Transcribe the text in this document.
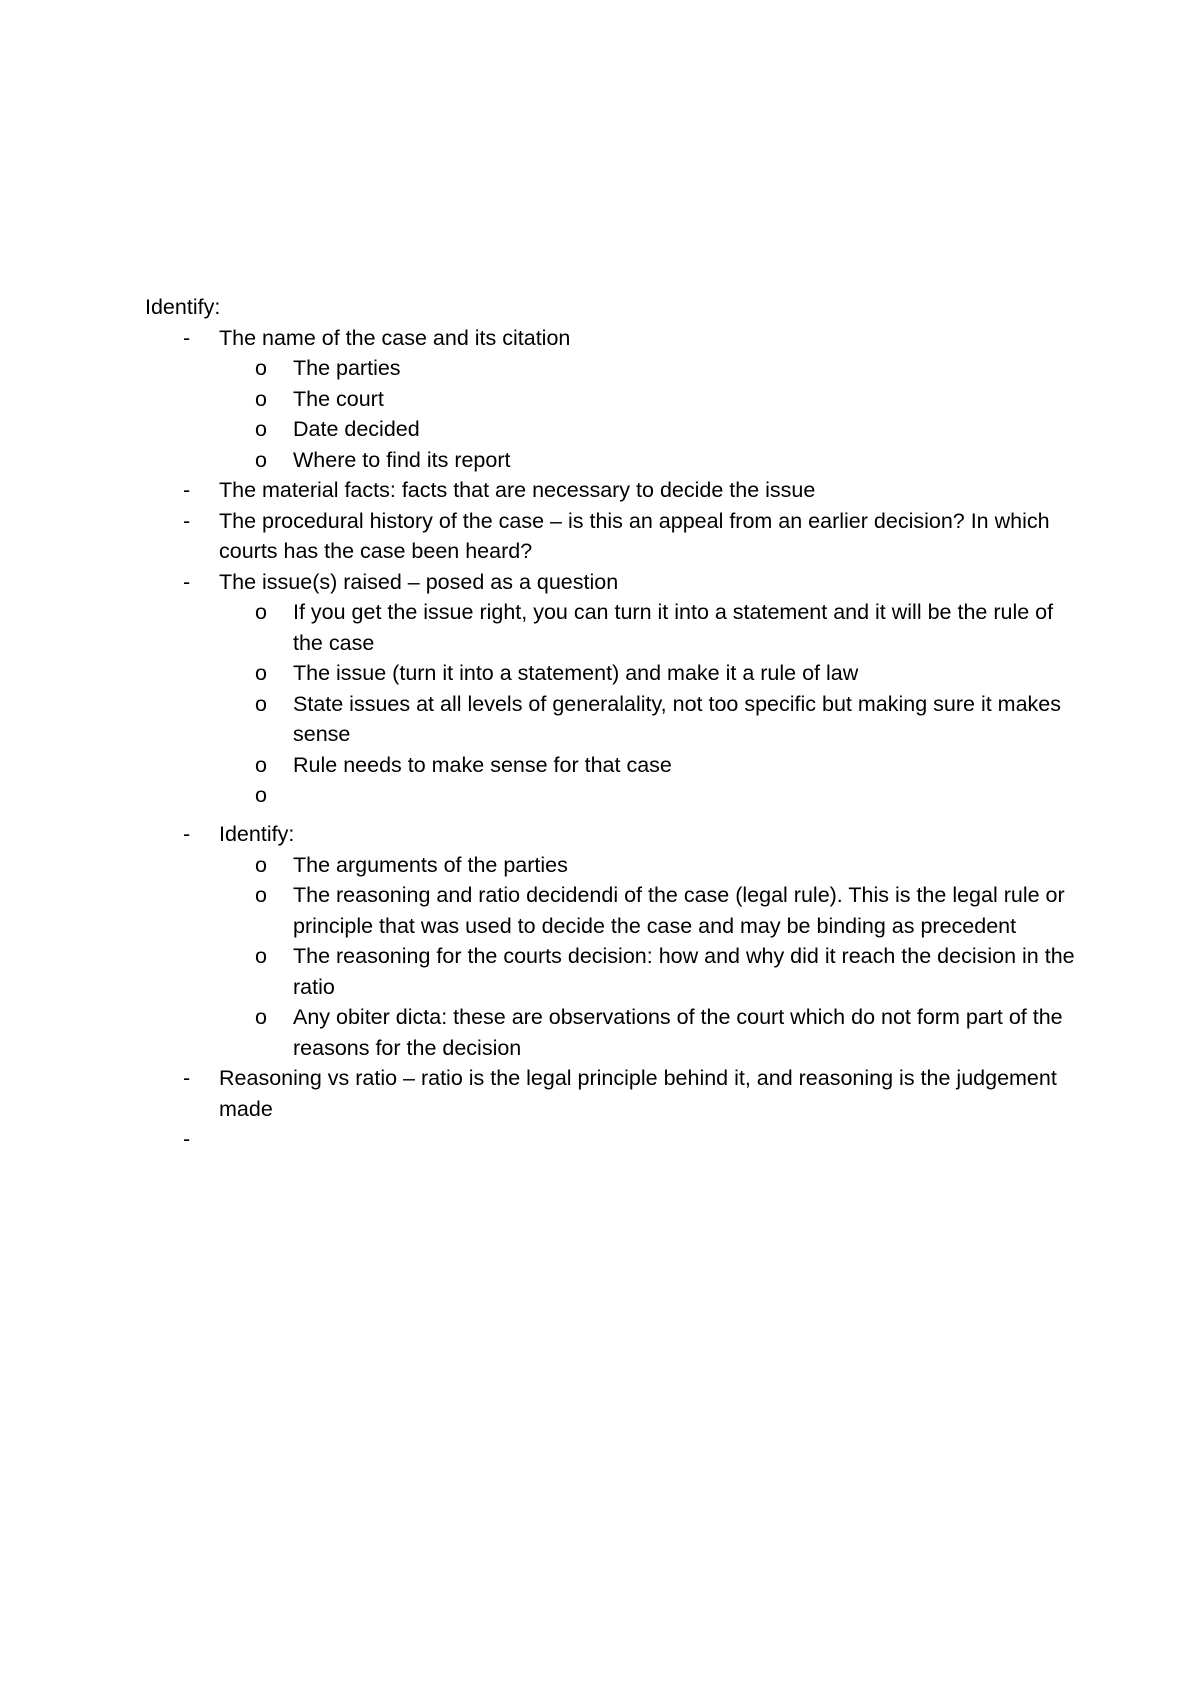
Identify:

- The name of the case and its citation
o The parties
o The court
o Date decided
o Where to find its report
- The material facts: facts that are necessary to decide the issue
- The procedural history of the case – is this an appeal from an earlier decision? In which courts has the case been heard?
- The issue(s) raised – posed as a question
o If you get the issue right, you can turn it into a statement and it will be the rule of the case
o The issue (turn it into a statement) and make it a rule of law
o State issues at all levels of generalality, not too specific but making sure it makes sense
o Rule needs to make sense for that case
o
- Identify:
o The arguments of the parties
o The reasoning and ratio decidendi of the case (legal rule). This is the legal rule or principle that was used to decide the case and may be binding as precedent
o The reasoning for the courts decision: how and why did it reach the decision in the ratio
o Any obiter dicta: these are observations of the court which do not form part of the reasons for the decision
- Reasoning vs ratio – ratio is the legal principle behind it, and reasoning is the judgement made
-
